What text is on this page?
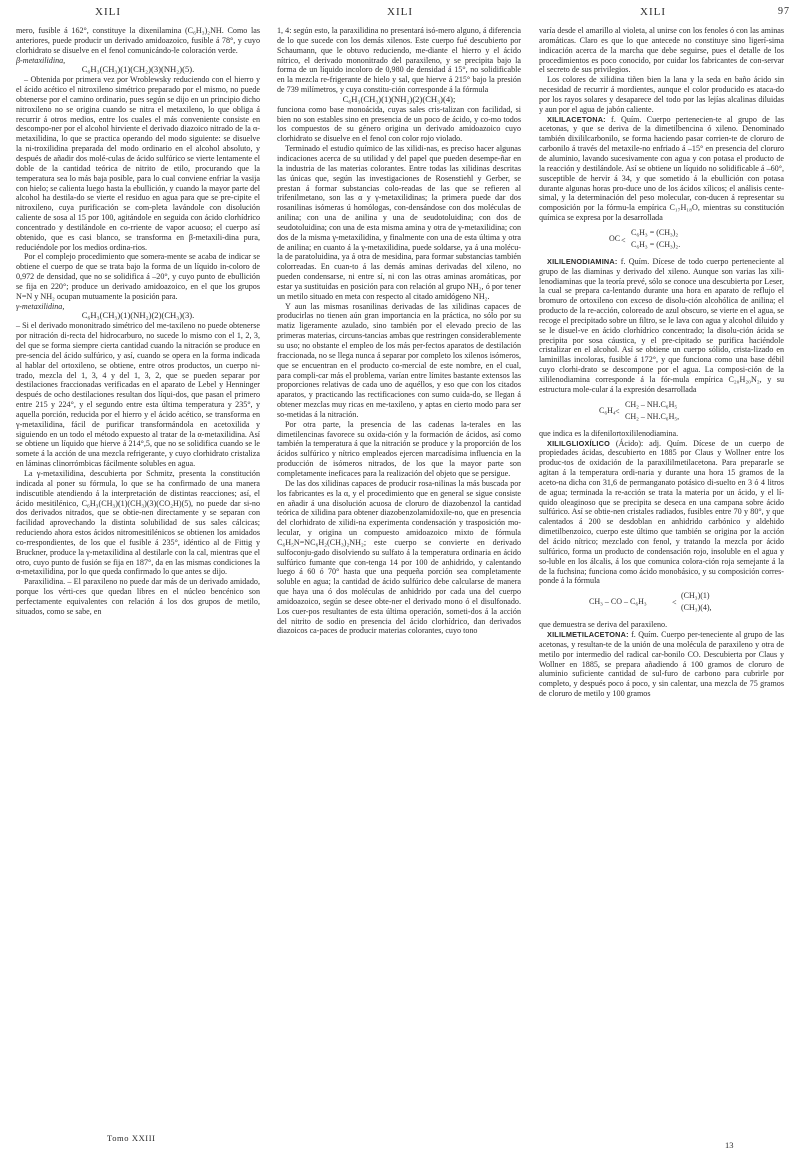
XILI	XILI	XILI	97

mero, fusible á 162°, constituye la dixenilamina (C₆H₃)₂NH. Como las anteriores, puede producir un derivado amidoazoico, fusible á 78°, y cuyo clorhidrato se disuelve en el fenol comunicándo-le coloración verde.

β-metaxilidina,

C₆H₃(CH₃)(1)(CH₂)(3)(NH₂)(5).

– Obtenida por primera vez por Wroblewsky reduciendo con el hierro y el ácido acético el nitroxileno simétrico preparado por el mismo, no puede obtenerse por el camino ordinario, pues según se dijo en un principio dicho nitroxileno no se origina cuando se nitra el metaxileno, lo que obliga á recurrir á otros medios, entre los cuales el más conveniente consiste en descompo-ner por el alcohol hirviente el derivado diazoico nitrado de la α-metaxilidina, lo que se practica operando del modo siguiente: se disuelve la ni-troxilidina preparada del modo ordinario en el alcohol absoluto, y después de añadir dos molé-culas de ácido sulfúrico se vierte lentamente el doble de la cantidad teórica de nitrito de etilo, procurando que la temperatura sea lo más baja posible, para lo cual conviene enfriar la vasija con hielo; se calienta luego hasta la ebullición, y cuando la mayor parte del alcohol ha destila-do se vierte el residuo en agua para que se pre-cipite el nitroxileno, cuya purificación se com-pleta lavándole con disolución caliente de sosa al 15 por 100, agitándole en seguida con ácido clorhídrico concentrado y destilándole en co-rriente de vapor acuoso; el cuerpo así obtenido, que es casi blanco, se transforma en β-metaxili-dina pura, reduciéndole por los medios ordina-rios.

Por el complejo procedimiento que somera-mente se acaba de indicar se obtiene el cuerpo de que se trata bajo la forma de un líquido in-coloro de 0,972 de densidad, que no se solidifica á –20°, y cuyo punto de ebullición se fija en 220°; produce un derivado amidoazoico, en el que los grupos N=N y NH₂ ocupan mutuamente la posición para.

γ-metaxilidina,

C₆H₃(CH₃)(1)(NH₂)(2)(CH₃)(3).

– Si el derivado mononitrado simétrico del me-taxileno no puede obtenerse por nitración di-recta del hidrocarburo, no sucede lo mismo con el 1, 2, 3, del que se forma siempre cierta cantidad cuando la nitración se produce en pre-sencia del ácido sulfúrico, y así, cuando se opera en la forma indicada al hablar del ortoxileno, se obtiene, entre otros productos, un cuerpo ni-trado, mezcla del 1, 3, 4 y del 1, 3, 2, que se pueden separar por destilaciones fraccionadas verificadas en el aparato de Lebel y Henninger después de ocho destilaciones resultan dos líqui-dos, que pasan el primero entre 215 y 224°, y el segundo entre esta última temperatura y 235°, y aquella porción, reducida por el hierro y el ácido acético, se transforma en γ-metaxilidina, fácil de purificar transformándola en acetoxilida y siguiendo en un todo el método expuesto al tratar de la α-metaxilidina. Así se obtiene un líquido que hierve á 214°,5, que no se solidifica cuando se le somete á la acción de una mezcla refrigerante, y cuyo clorhidrato cristaliza en láminas clinorrómbicas fácilmente solubles en agua.

La γ-metaxilidina, descubierta por Schmitz, presenta la constitución indicada al poner su fórmula, lo que se ha confirmado de una manera indiscutible atendiendo á la interpretación de distintas reacciones; así, el ácido mesitilénico, C₆H₃(CH₃)(1)(CH₃)(3)(CO₂H)(5), no puede dar si-no dos derivados nitrados, que se obtie-nen directamente y se separan con facilidad aprovechando la distinta solubilidad de sus sales cálcicas; reduciendo ahora estos ácidos nitromesitilénicos se obtienen los amidados co-rrespondientes, de los que el fusible á 235°, idéntico al de Fittig y Bruckner, produce la γ-metaxilidina al destilarle con la cal, mientras que el otro, cuyo punto de fusión se fija en 187°, da en las mismas condiciones la α-metaxilidina, por lo que queda confirmado lo que antes se dijo.

Paraxilidina. – El paraxileno no puede dar más de un derivado amidado, porque los vérti-ces que quedan libres en el núcleo bencénico son perfectamente equivalentes con relación á los dos grupos de metilo, situados, como se sabe, en

1, 4: según esto, la paraxilidina no presentará isó-mero alguno, á diferencia de lo que sucede con los demás xilenos. Este cuerpo fué descubierto por Schaumann, que le obtuvo reduciendo, me-diante el hierro y el ácido nítrico, el derivado mononitrado del paraxileno, y se precipita bajo la forma de un líquido incoloro de 0,980 de densidad á 15°, no solidificable en la mezcla re-frigerante de hielo y sal, que hierve á 215° bajo la presión de 739 milímetros, y cuya constitu-ción corresponde á la fórmula

C₆H₃(CH₃)(1)(NH₂)(2)(CH₃)(4);

funciona como base monoácida, cuyas sales cris-talizan con facilidad, si bien no son estables sino en presencia de un poco de ácido, y co-mo todos los compuestos de su género origina un derivado amidoazoico cuyo clorhidrato se disuelve en el fenol con color rojo violado.

Terminado el estudio químico de las xilidi-nas, es preciso hacer algunas indicaciones acerca de su utilidad y del papel que pueden desempe-ñar en la industria de las materias colorantes. Entre todas las xilidinas descritas las únicas que, según las investigaciones de Rosenstiehl y Gerber, se prestan á formar substancias colo-readas de las que se refieren al trifenilmetano, son las α y γ-metaxilidinas; la primera puede dar dos rosanilinas isómeras ú homólogas, con-densándose con dos moléculas de anilina; con una de anilina y una de seudotoluidina; con dos de seudotoluidina; con una de esta misma amina y otra de γ-metaxilidina; con dos de la misma γ-metaxilidina, y finalmente con una de esta última y otra de anilina; en cuanto á la γ-metaxilidina, puede soldarse, ya á una molécu-la de paratoluidina, ya á otra de mesidina, para formar substancias también colorreadas. En cuan-to á las demás aminas derivadas del xileno, no pueden condensarse, ni entre sí, ni con las otras aminas aromáticas, por estar ya sustituidas en posición para con relación al grupo NH₂, ó por tener un metilo situado en meta con respecto al citado amidógeno NH₂.

Y aun las mismas rosanilinas derivadas de las xilidinas capaces de producirlas no tienen aún gran importancia en la práctica, no sólo por su matiz ligeramente azulado, sino también por el elevado precio de las primeras materias, circuns-tancias ambas que restringen considerablemente su uso; no obstante el empleo de los más per-fectos aparatos de destilación fraccionada, no se llega nunca á separar por completo los xilenos isómeros, que se encuentran en el producto co-mercial de este nombre, en el cual, para compli-car más el problema, varían entre límites bastante extensos las proporciones relativas de cada uno de aquéllos, y eso que con los citados aparatos, y practicando las rectificaciones con sumo cuida-do, se llegan á obtener mezclas muy ricas en me-taxileno, y aptas en cierto modo para ser so-metidas á la nitración.

Por otra parte, la presencia de las cadenas la-terales en las dimetilencinas favorece su oxida-ción y la formación de ácidos, así como también la temperatura á que la nitración se produce y la proporción de los ácidos sulfúrico y nítrico empleados ejercen marcadísima influencia en la producción de isómeros nitrados, de los que la mayor parte son completamente ineficaces para la realización del objeto que se persigue.

De las dos xilidinas capaces de producir rosa-nilinas la más buscada por los fabricantes es la α, y el procedimiento que en general se sigue consiste en añadir á una disolución acuosa de cloruro de diazobenzol la cantidad teórica de xilidina para obtener diazobenzolamidoxile-no, que en presencia del clorhidrato de xilidi-na experimenta condensación y trasposición mo-lecular, y origina un compuesto amidoazoico mixto de fórmula C₆H₅N=NC₆H₂(CH₃)₂NH₂; este cuerpo se convierte en derivado sulfoconju-gado disolviendo su sulfato á la temperatura ordinaria en ácido sulfúrico fumante que con-tenga 14 por 100 de anhidrido, y calentando luego á 60 ó 70° hasta que una pequeña porción sea completamente soluble en agua; la cantidad de ácido sulfúrico debe calcularse de manera que haya una ó dos moléculas de anhidrido por cada una del cuerpo amidoazoico, según se desee obte-ner el derivado mono ó el disulfonado. Los cuer-pos resultantes de esta última operación, someti-dos á la acción del nitrito de sodio en presencia del ácido clorhídrico, dan derivados diazoicos ca-paces de producir materias colorantes, cuyo tono

varía desde el amarillo al violeta, al unirse con los fenoles ó con las aminas aromáticas. Claro es que lo que antecede no constituye sino ligerí-sima indicación acerca de la marcha que debe seguirse, pues el detalle de los procedimientos es poco conocido, por cuidar los fabricantes de con-servar el secreto de sus privilegios.

Los colores de xilidina tiñen bien la lana y la seda en baño ácido sin necesidad de recurrir á mordientes, aunque el color producido es ataca-do por los rayos solares y desaparece del todo por las lejías alcalinas diluidas y aun por el agua de jabón caliente.

XILILACETONA: f. Quím. Cuerpo pertenecien-te al grupo de las acetonas, y que se deriva de la dimetilbencina ó xileno. Denominado también dixililcarbonilo, se forma haciendo pasar corrien-te de cloruro de carbonilo á través del metaxile-no enfriado á –15° en presencia del cloruro de aluminio, lavando sucesivamente con agua y con potasa el producto de la reacción y destilándole. Así se obtiene un líquido no solidificable á –60°, susceptible de hervir á 34, y que sometido á la ebullición con potasa durante algunas horas pro-duce uno de los ácidos xílicos; el análisis cente-simal, y la determinación del peso molecular, con-ducen á representar su composición por la fórmu-la empírica C₁₇H₁₈O, mientras su constitución química se expresa por la desarrollada

OC <
C₆H₃ = (CH₃)₂
C₆H₃ = (CH₃)₂.

XILILENODIAMINA: f. Quím. Dícese de todo cuerpo perteneciente al grupo de las diaminas y derivado del xileno. Aunque son varias las xili-lenodiaminas que la teoría prevé, sólo se conoce una descubierta por Leser, la cual se prepara ca-lentando durante una hora en aparato de reflujo el bromuro de ortoxileno con exceso de disolu-ción alcohólica de anilina; el producto de la re-acción, coloreado de azul obscuro, se vierte en el agua, se recoge el precipitado sobre un filtro, se le lava con agua y alcohol diluido y se le disuel-ve en ácido clorhídrico concentrado; la disolu-ción ácida se precipita por sosa cáustica, y el pre-cipitado se purifica haciéndole cristalizar en el alcohol. Así se obtiene un cuerpo sólido, crista-lizado en laminillas incoloras, fusible á 172°, y que funciona como una base débil cuyo clorhi-drato se descompone por el agua. La composi-ción de la xililenodiamina corresponde á la fór-mula empírica C₂₀H₂₀N₂, y su estructura mole-cular á la expresión desarrollada

C₆H₄ <
CH₂ – NH.C₆H₅
CH₂ – NH.C₆H₅,

que indica es la difenilortoxililenodiamina.

XILILGLIOXÍLICO (Ácido): adj. Quím. Dícese de un cuerpo de propiedades ácidas, descubierto en 1885 por Claus y Wollner entre los produc-tos de oxidación de la paraxililmetilacetona. Para prepararle se agitan á la temperatura ordi-naria y durante una hora 15 gramos de la aceto-na dicha con 31,6 de permanganato potásico di-suelto en 3 ó 4 litros de agua; terminada la re-acción se trata la materia por un ácido, y el lí-quido oleaginoso que se precipita se deseca en una campana sobre ácido sulfúrico. Así se obtie-nen cristales radiados, fusibles entre 70 y 80°, y que calentados á 200 se desdoblan en anhidrido carbónico y aldehido dimetilbenzoico, cuerpo este último que también se origina por la acción del ácido nítrico; mezclado con fenol, y tratando la mezcla por ácido sulfúrico, forma un producto de condensación rojo, insoluble en el agua y so-luble en los álcalis, á los que comunica colora-ción roja semejante á la de la fuchsina; funciona como ácido monobásico, y su composición corres-ponde á la fórmula

CH₃ – CO – C₆H₃	<
(CH₃)(1)
(CH₃)(4),

que demuestra se deriva del paraxileno.

XILILMETILACETONA: f. Quím. Cuerpo per-teneciente al grupo de las acetonas, y resultan-te de la unión de una molécula de paraxileno y otra de metilo por intermedio del radical car-bonilo CO. Descubierta por Claus y Wollner en 1885, se prepara añadiendo á 100 gramos de cloruro de aluminio suficiente cantidad de sul-furo de carbono para cubrirle por completo, y después poco á poco, y sin calentar, una mezcla de 75 gramos de cloruro de metilo y 100 gramos

Tomo XXIII
13
